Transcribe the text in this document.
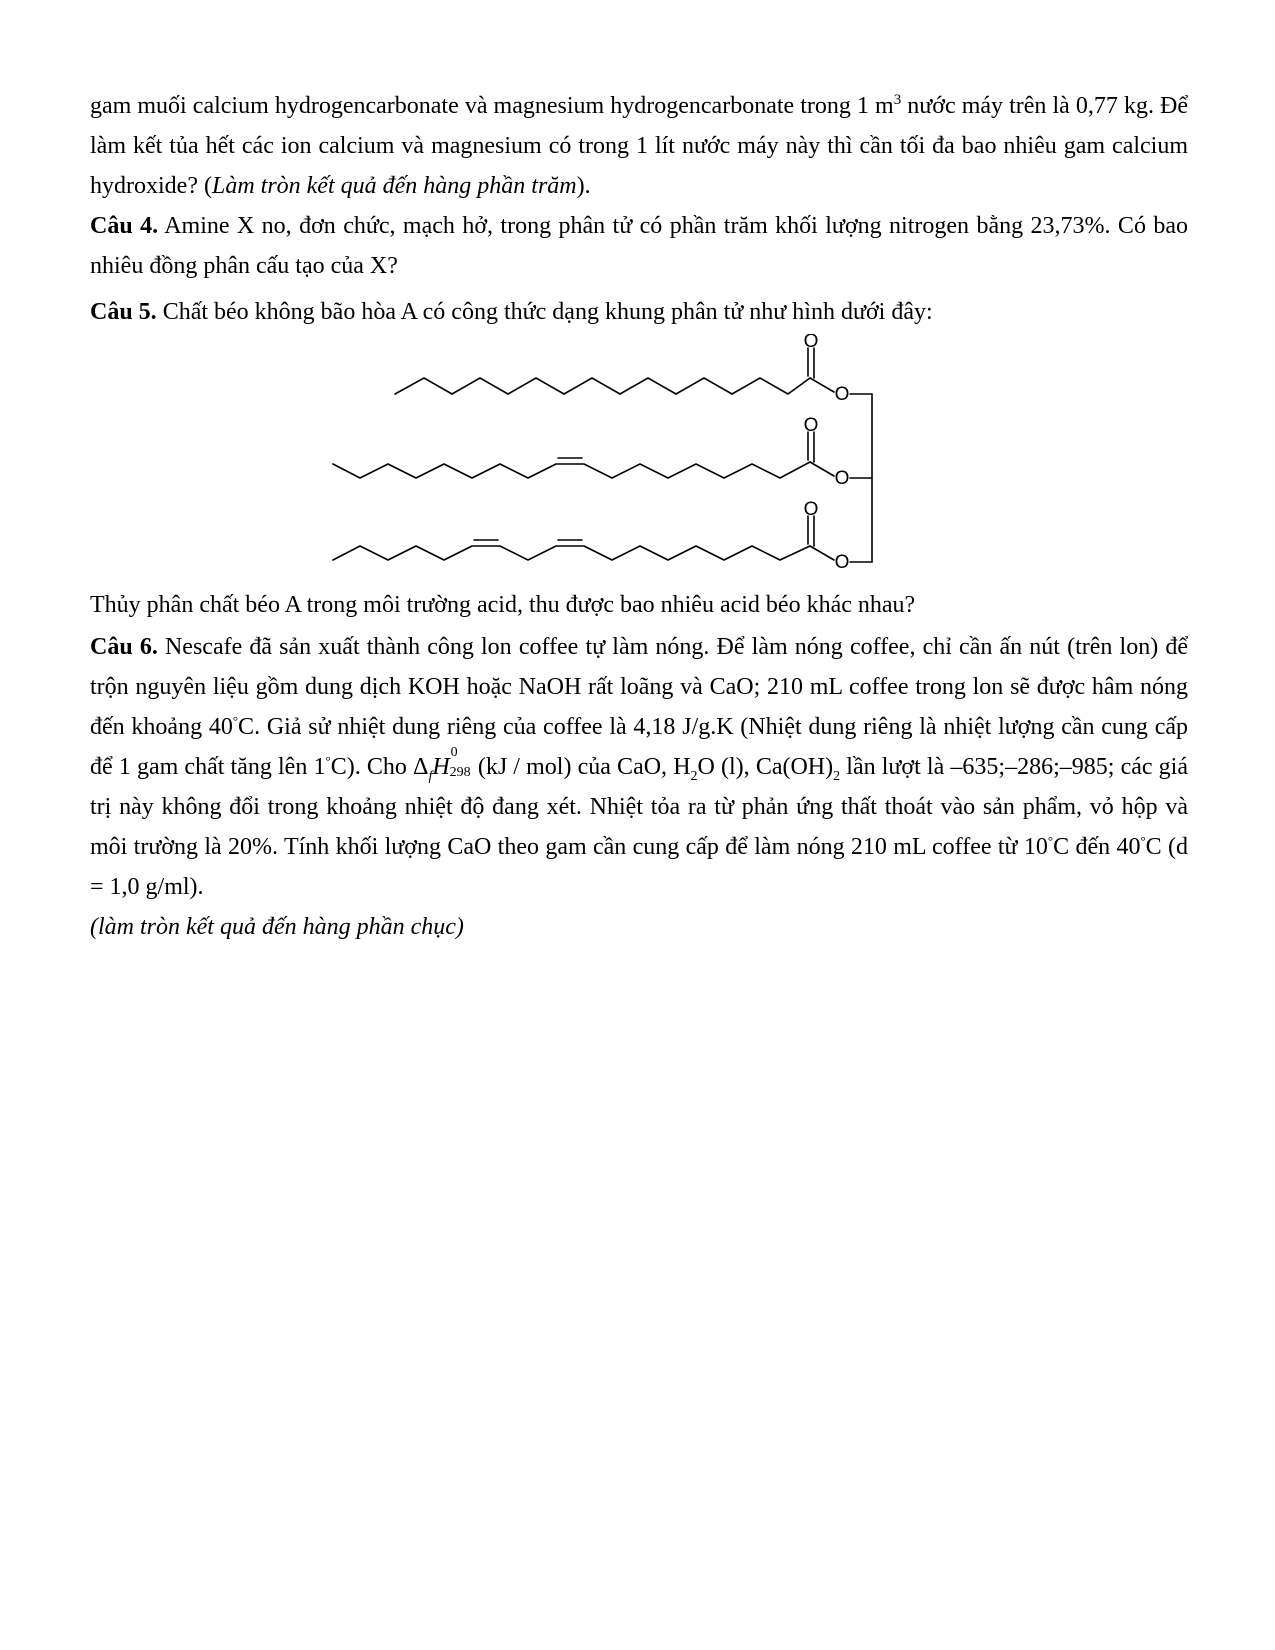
gam muối calcium hydrogencarbonate và magnesium hydrogencarbonate trong 1 $m^3$ nước máy trên là 0,77 kg. Để làm kết tủa hết các ion calcium và magnesium có trong 1 lít nước máy này thì cần tối đa bao nhiêu gam calcium hydroxide? (Làm tròn kết quả đến hàng phần trăm).

Câu 4. Amine X no, đơn chức, mạch hở, trong phân tử có phần trăm khối lượng nitrogen bằng 23,73%. Có bao nhiêu đồng phân cấu tạo của X?

Câu 5. Chất béo không bão hòa A có công thức dạng khung phân tử như hình dưới đây:

O
O
O
O
O
O

Thủy phân chất béo A trong môi trường acid, thu được bao nhiêu acid béo khác nhau?

Câu 6. Nescafe đã sản xuất thành công lon coffee tự làm nóng. Để làm nóng coffee, chỉ cần ấn nút (trên lon) để trộn nguyên liệu gồm dung dịch KOH hoặc NaOH rất loãng và CaO; 210 mL coffee trong lon sẽ được hâm nóng đến khoảng 40°C. Giả sử nhiệt dung riêng của coffee là 4,18 J/g.K (Nhiệt dung riêng là nhiệt lượng cần cung cấp để 1 gam chất tăng lên 1°C). Cho $\Delta_fH$
0
298 (kJ / mol) của CaO, $H_2O$ (l), $Ca(OH)_2$ lần lượt là –635;–286;–985; các giá trị này không đổi trong khoảng nhiệt độ đang xét. Nhiệt tỏa ra từ phản ứng thất thoát vào sản phẩm, vỏ hộp và môi trường là 20%. Tính khối lượng CaO theo gam cần cung cấp để làm nóng 210 mL coffee từ 10°C đến 40°C (d = 1,0 g/ml).

(làm tròn kết quả đến hàng phần chục)
